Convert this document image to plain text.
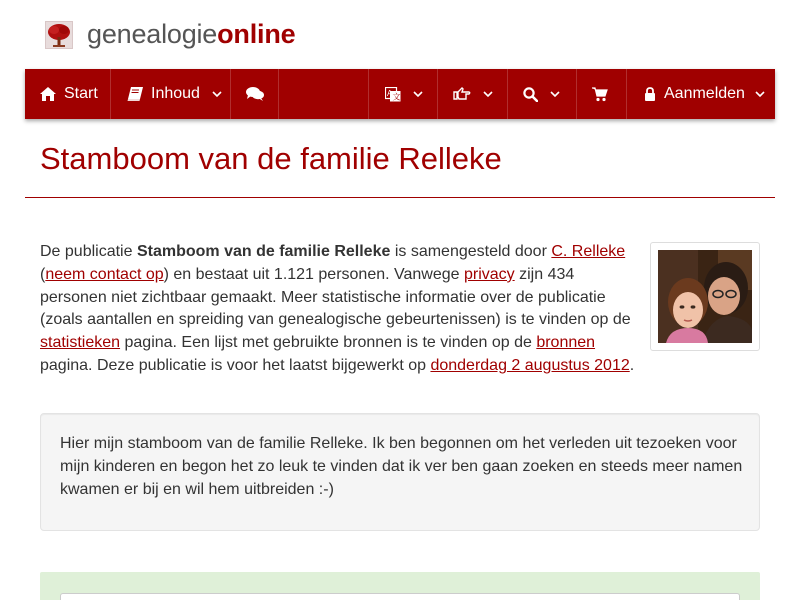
genealogieonline
Start	Inhoud	A 文	Aanmelden
Stamboom van de familie Relleke

De publicatie Stamboom van de familie Relleke is samengesteld door C. Relleke (neem contact op) en bestaat uit 1.121 personen. Vanwege privacy zijn 434 personen niet zichtbaar gemaakt. Meer statistische informatie over de publicatie (zoals aantallen en spreiding van genealogische gebeurtenissen) is te vinden op de statistieken pagina. Een lijst met gebruikte bronnen is te vinden op de bronnen pagina. Deze publicatie is voor het laatst bijgewerkt op donderdag 2 augustus 2012.

Hier mijn stamboom van de familie Relleke. Ik ben begonnen om het verleden uit tezoeken voor mijn kinderen en begon het zo leuk te vinden dat ik ver ben gaan zoeken en steeds meer namen kwamen er bij en wil hem uitbreiden :-)
